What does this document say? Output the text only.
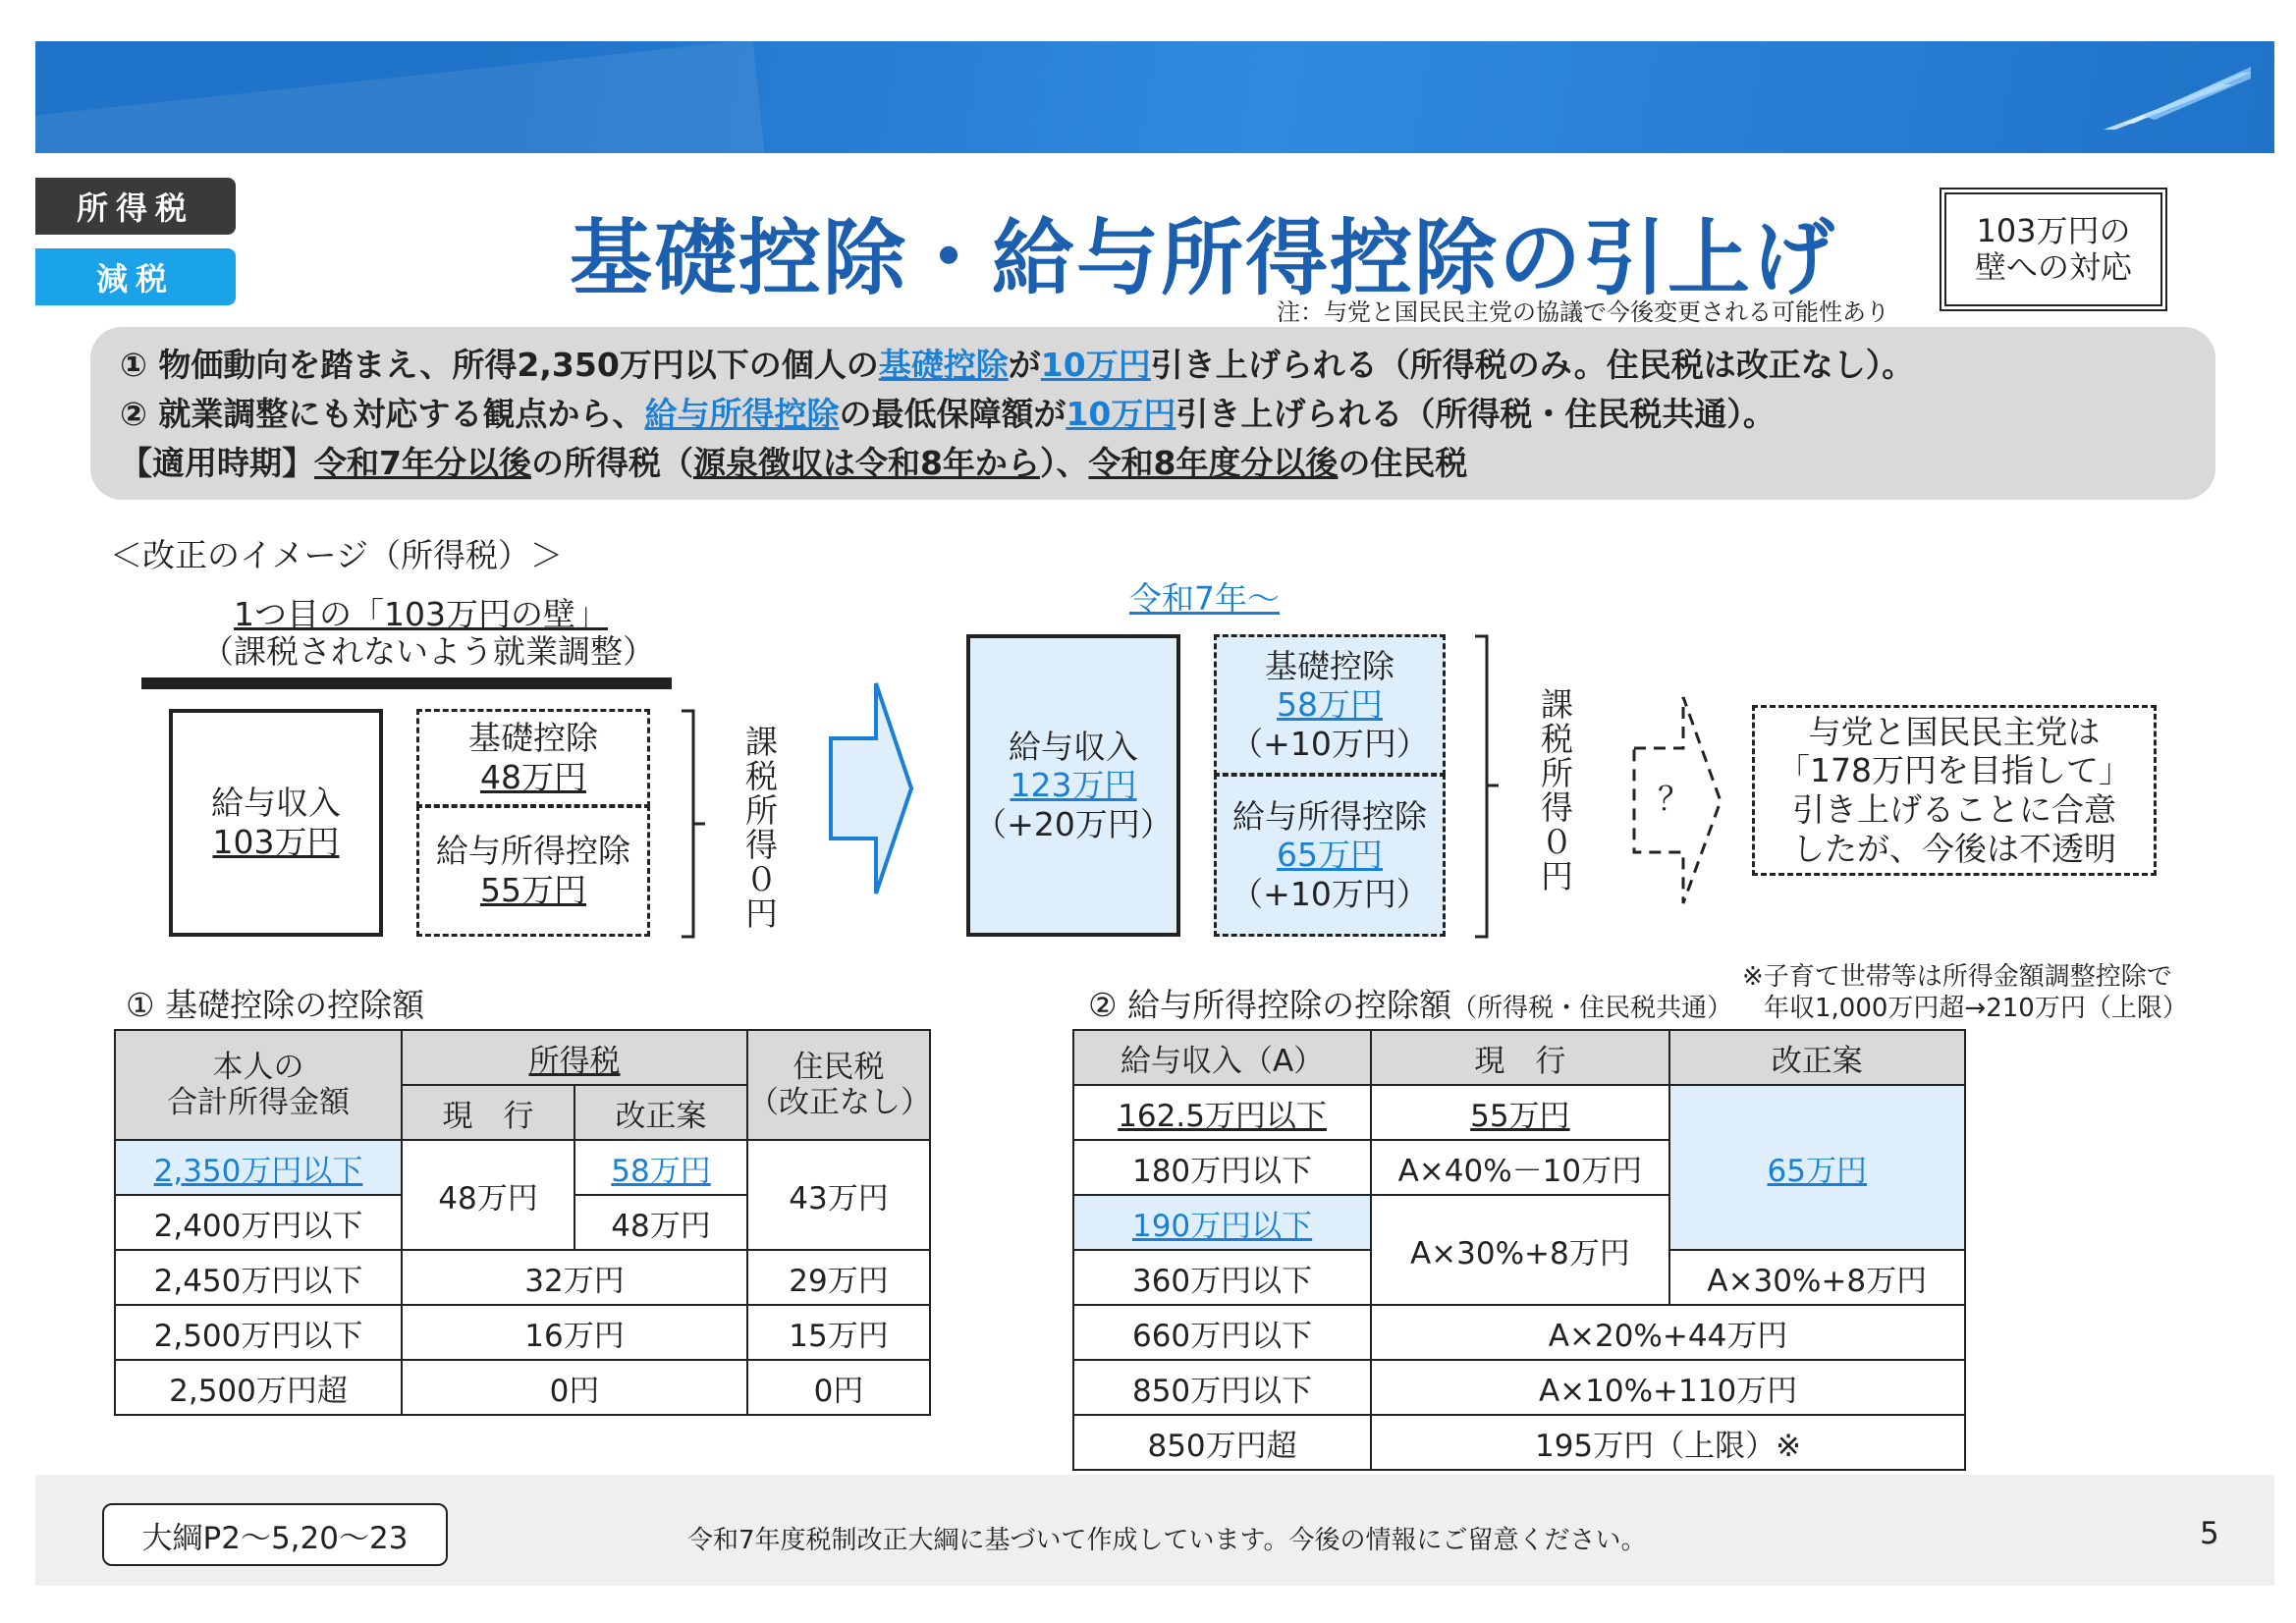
所得税
減税	基礎控除・給与所得控除の引上げ
注：与党と国民民主党の協議で今後変更される可能性あり
103万円の
壁への対応
① 物価動向を踏まえ、所得2,350万円以下の個人の基礎控除が10万円引き上げられる（所得税のみ。住民税は改正なし）。
② 就業調整にも対応する観点から、給与所得控除の最低保障額が10万円引き上げられる（所得税・住民税共通）。
【適用時期】令和7年分以後の所得税（源泉徴収は令和8年から）、令和8年度分以後の住民税
＜改正のイメージ（所得税）＞
1つ目の「103万円の壁」
（課税されないよう就業調整）
給与収入
103万円
基礎控除
48万円
給与所得控除
55万円	課税所得０円
令和7年～
給与収入
123万円
（+20万円）
基礎控除
58万円
（+10万円）
給与所得控除
65万円
（+10万円）
課税所得０円	？
与党と国民民主党は
「178万円を目指して」
引き上げることに合意
したが、今後は不透明
① 基礎控除の控除額
本人の
合計所得金額	所得税		住民税
（改正なし）
	現　行	改正案	
2,350万円以下	48万円	58万円	43万円
2,400万円以下		48万円	
2,450万円以下	32万円		29万円
2,500万円以下	16万円		15万円
2,500万円超	0円		0円
② 給与所得控除の控除額（所得税・住民税共通）
※子育て世帯等は所得金額調整控除で
年収1,000万円超→210万円（上限）
給与収入（A）	現　行	改正案
162.5万円以下	55万円	65万円
180万円以下	A×40%－10万円	
190万円以下	A×30%+8万円	
360万円以下		A×30%+8万円
660万円以下	A×20%+44万円	
850万円以下	A×10%+110万円	
850万円超	195万円（上限）※	
大綱P2～5,20～23	令和7年度税制改正大綱に基づいて作成しています。今後の情報にご留意ください。	5
